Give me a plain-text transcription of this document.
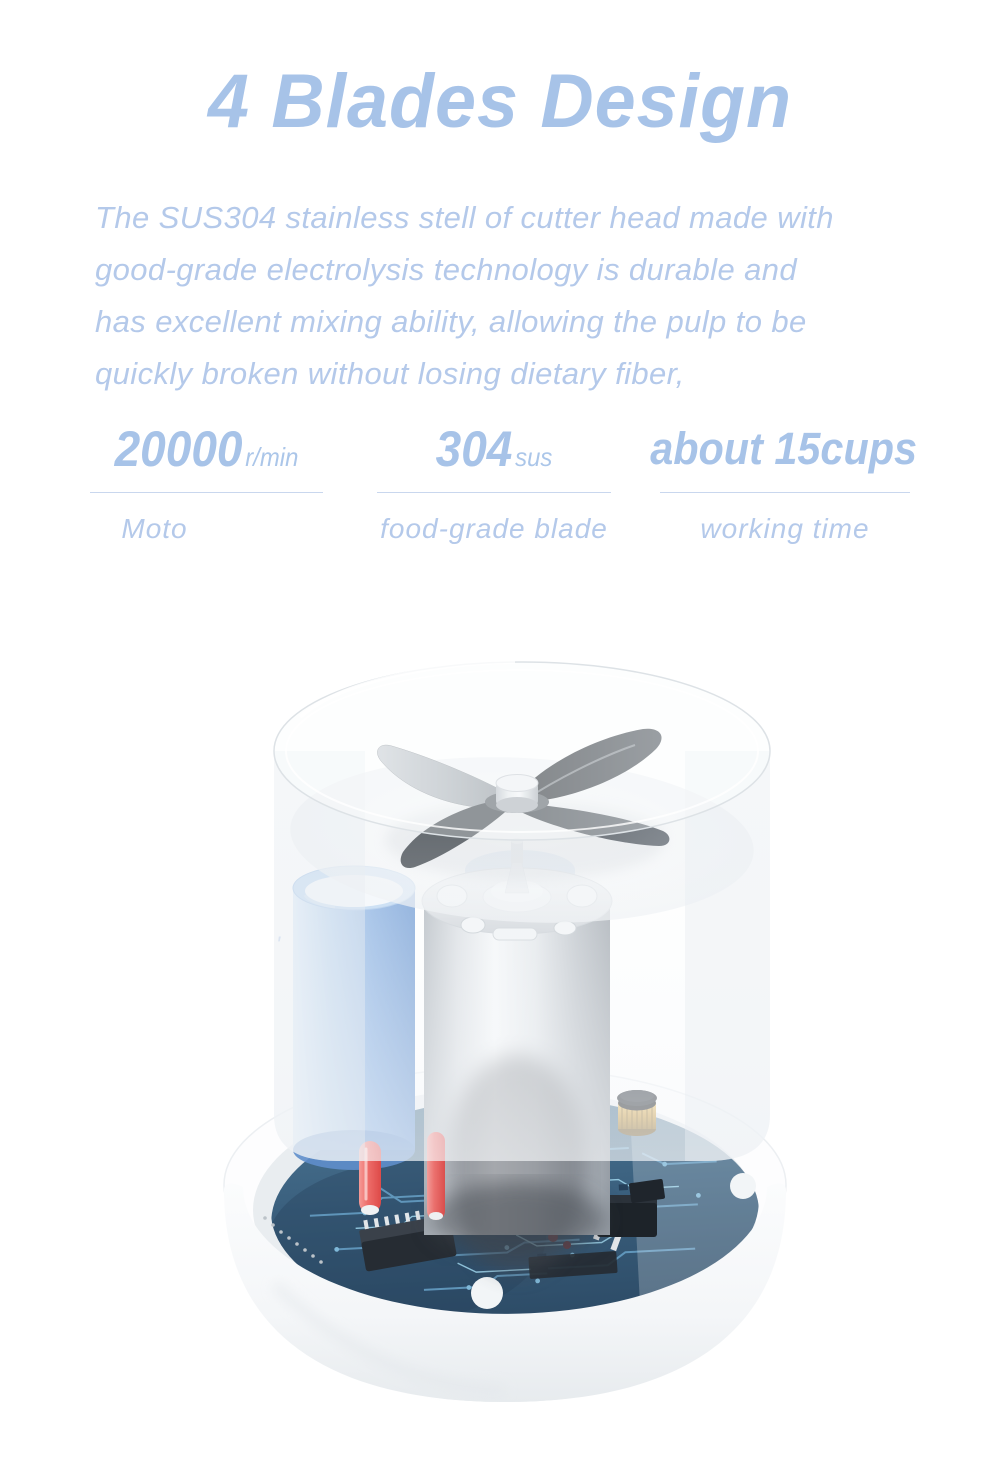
4 Blades Design
The SUS304 stainless stell of cutter head made with
good-grade electrolysis technology is durable and
has excellent mixing ability, allowing the pulp to be
quickly broken without losing dietary fiber,
20000 r/min
Moto
304 sus
food-grade blade
about 15cups
working time
